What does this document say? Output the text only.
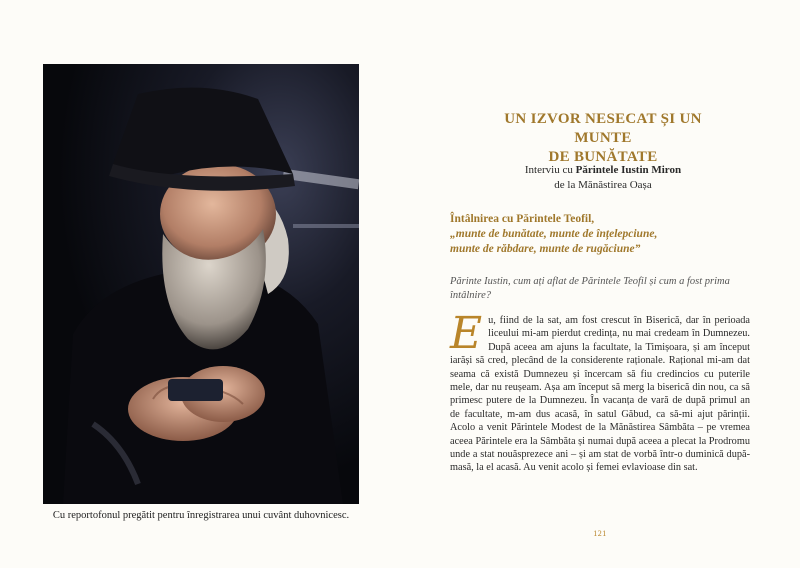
Cu reportofonul pregătit pentru înregistrarea unui cuvânt duhovnicesc.
UN IZVOR NESECAT ȘI UN MUNTE
DE BUNĂTATE
Interviu cu Părintele Iustin Miron
de la Mănăstirea Oașa
Întâlnirea cu Părintele Teofil,
„munte de bunătate, munte de înțelepciune,
munte de răbdare, munte de rugăciune”
Părinte Iustin, cum ați aflat de Părintele Teofil și cum a fost prima întâlnire?
Eu, fiind de la sat, am fost crescut în Biserică, dar în perioada liceului mi-am pierdut credința, nu mai credeam în Dumnezeu. După aceea am ajuns la facultate, la Timișoara, și am început iarăși să cred, plecând de la considerente raționale. Rațional mi-am dat seama că există Dumnezeu și încercam să fiu credincios cu puterile mele, dar nu reușeam. Așa am început să merg la biserică din nou, ca să primesc putere de la Dumnezeu. În vacanța de vară de după primul an de facultate, m-am dus acasă, în satul Găbud, ca să-mi ajut părinții. Acolo a venit Părintele Modest de la Mănăstirea Sâmbăta – pe vremea aceea Părintele era la Sâmbăta și numai după aceea a plecat la Prodromu unde a stat nouăsprezece ani – și am stat de vorbă într-o duminică după-masă, la el acasă. Au venit acolo și femei evlavioase din sat.
121
